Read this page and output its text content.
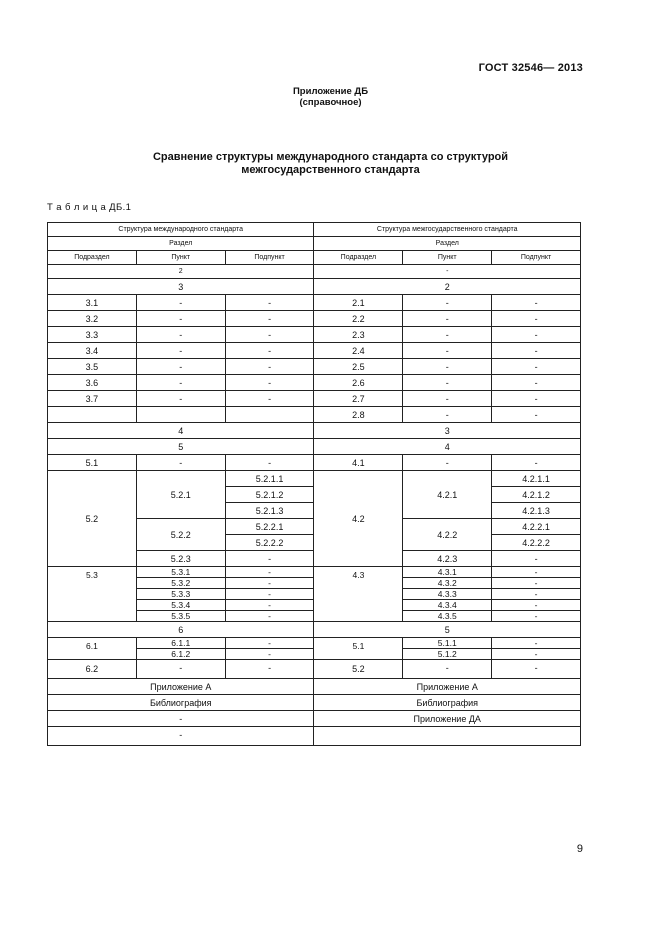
ГОСТ 32546— 2013
Приложение ДБ
(справочное)
Сравнение структуры международного стандарта со структурой
межгосударственного стандарта
Т а б л и ц а ДБ.1
Структура международного стандарта			Структура межгосударственного стандарта		
Раздел			Раздел		
Подраздел	Пункт	Подпункт	Подраздел	Пункт	Подпункт
2			-		
3			2		
3.1	-	-	2.1	-	-
3.2	-	-	2.2	-	-
3.3	-	-	2.3	-	-
3.4	-	-	2.4	-	-
3.5	-	-	2.5	-	-
3.6	-	-	2.6	-	-
3.7	-	-	2.7	-	-
			2.8	-	-
4			3		
5			4		
5.1	-	-	4.1	-	-
5.2	5.2.1	5.2.1.1	4.2	4.2.1	4.2.1.1
		5.2.1.2			4.2.1.2
		5.2.1.3			4.2.1.3
	5.2.2	5.2.2.1		4.2.2	4.2.2.1
		5.2.2.2			4.2.2.2
	5.2.3	-		4.2.3	-
5.3	5.3.1	-	4.3	4.3.1	-
	5.3.2	-		4.3.2	-
	5.3.3	-		4.3.3	-
	5.3.4	-		4.3.4	-
	5.3.5	-		4.3.5	-
6			5		
6.1	6.1.1	-	5.1	5.1.1	-
	6.1.2	-		5.1.2	-
6.2	-	-	5.2	-	-
Приложение А			Приложение А		
Библиография			Библиография		
-			Приложение ДА		
-					
9
